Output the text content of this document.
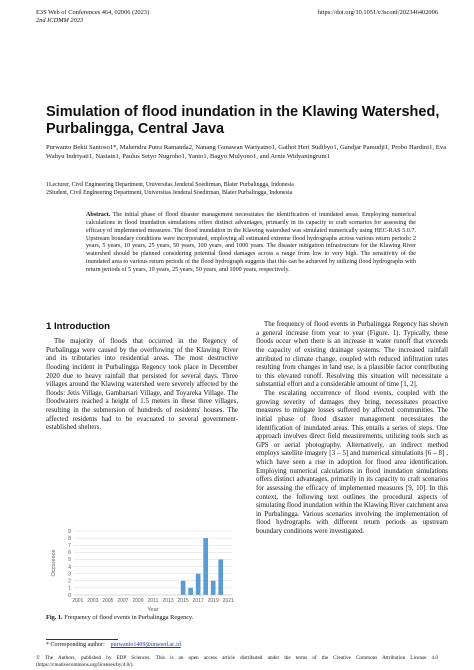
E3S Web of Conferences 464, 02006 (2023)
2nd ICDMM 2023
https://doi.org/10.1051/e3sconf/202346402006
Simulation of flood inundation in the Klawing Watershed, Purbalingga, Central Java
Purwanto Bekti Santoso1*, Mahendra Putra Ramanda2, Nanang Gunawan Wariyatno1, Gathot Heri Sudibyo1, Gandjar Pamudji1, Probo Hardini1, Eva Wahyu Indriyati1, Nastain1, Paulus Setyo Nugroho1, Yanto1, Bagyo Mulyono1, and Arnie Widyaningrum1
1Lecturer, Civil Engineering Department, Universitas Jenderal Soedirman, Blater Purbalingga, Indonesia
2Student, Civil Engineering Department, Universitas Jenderal Soedirman, Blater Purbalingga, Indonesia
Abstract. The initial phase of flood disaster management necessitates the identification of inundated areas. Employing numerical calculations in flood inundation simulations offers distinct advantages, primarily in its capacity to craft scenarios for assessing the efficacy of implemented measures. The flood inundation in the Klawing watershed was simulated numerically using HEC-RAS 5.0.7. Upstream boundary conditions were incorporated, employing all estimated extreme flood hydrographs across various return periods: 2 years, 5 years, 10 years, 25 years, 50 years, 100 years, and 1000 years. The disaster mitigation infrastructure for the Klawing River watershed should be planned considering potential flood damages across a range from low to very high. The sensitivity of the inundated area to various return periods of the flood hydrograph suggests that this can be achieved by utilizing flood hydrographs with return periods of 5 years, 10 years, 25 years, 50 years, and 1000 years, respectively.
1 Introduction
The majority of floods that occurred in the Regency of Purbalingga were caused by the overflowing of the Klawing River and its tributaries into residential areas. The most destructive flooding incident in Purbalingga Regency took place in December 2020 due to heavy rainfall that persisted for several days. Three villages around the Klawing watershed were severely affected by the floods: Jetis Village, Gambarsari Village, and Toyareka Village. The floodwaters reached a height of 1.5 meters in these three villages, resulting in the submersion of hundreds of residents' houses. The affected residents had to be evacuated to several government-established shelters.

The frequency of flood events in Purbalingga Regency has shown a general increase from year to year (Figure. 1). Typically, these floods occur when there is an increase in water runoff that exceeds the capacity of existing drainage systems. The increased rainfall attributed to climate change, coupled with reduced infiltration rates resulting from changes in land use, is a plausible factor contributing to this elevated runoff. Resolving this situation will necessitate a substantial effort and a considerable amount of time [1, 2].

The escalating occurrence of flood events, coupled with the growing severity of damages they bring, necessitates proactive measures to mitigate losses suffered by affected communities. The initial phase of flood disaster management necessitates the identification of inundated areas. This entails a series of steps. One approach involves direct field measurements, utilizing tools such as GPS or aerial photography. Alternatively, an indirect method employs satellite imagery [3 – 5] and numerical simulations [6 – 8] , which have seen a rise in adoption for flood area identification. Employing numerical calculations in flood inundation simulations offers distinct advantages, primarily in its capacity to craft scenarios for assessing the efficacy of implemented measures [9, 10]. In this context, the following text outlines the procedural aspects of simulating flood inundation within the Klawing River catchment area in Purbalingga. Various scenarios involving the implementation of flood hydrographs with different return periods as upstream boundary conditions were investigated.

0
1
2
3
4
5
6
7
8
9
2001 2003 2005 2007 2009 2011 2013 2015 2017 2019 2021
Year
Occurence
Fig. 1. Frequency of flood events in Purbalingga Regency.
* Corresponding author: purwanto1409@unsoed.ac.id
© The Authors, published by EDP Sciences. This is an open access article distributed under the terms of the Creative Commons Attribution License 4.0 (https://creativecommons.org/licenses/by/4.0/).
